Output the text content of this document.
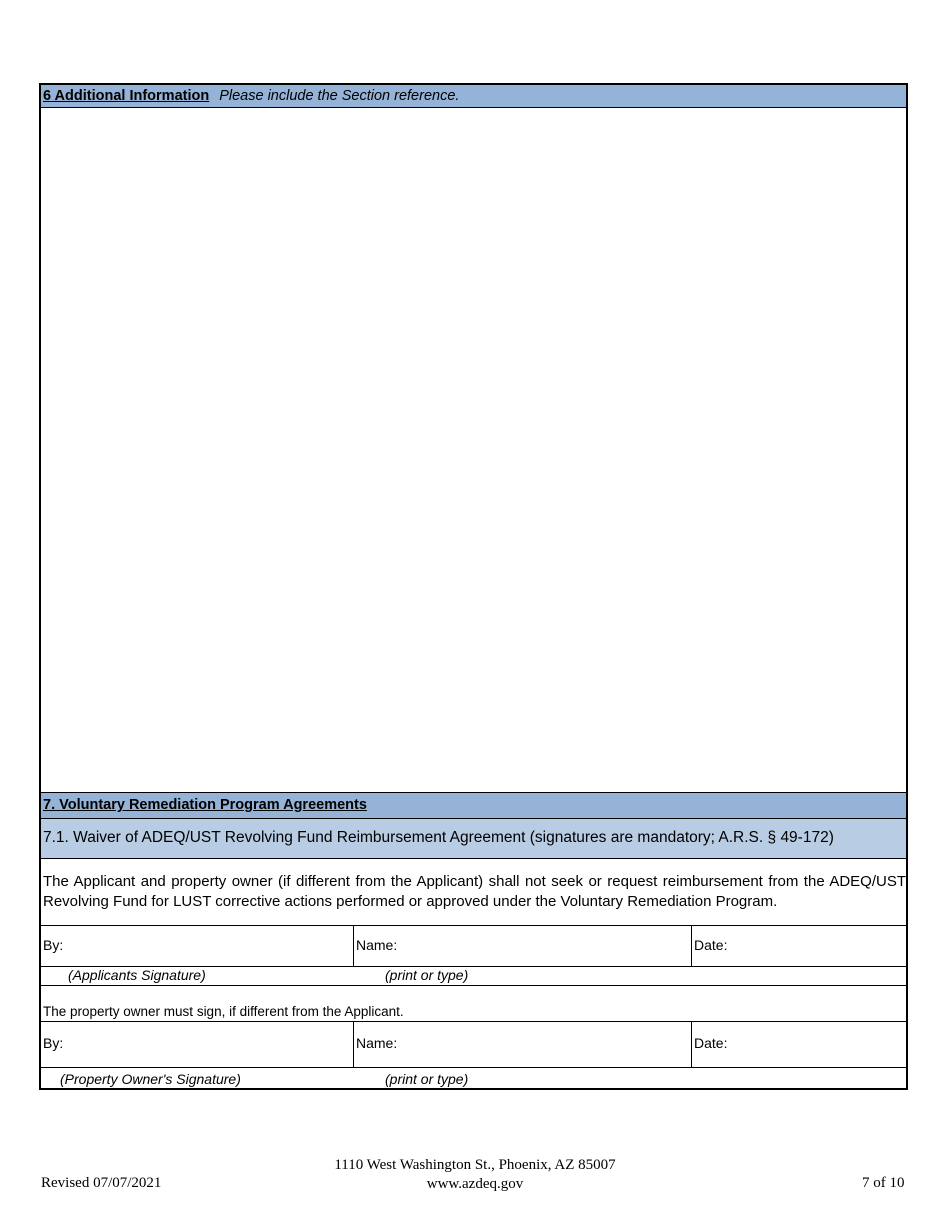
6 Additional Information Please include the Section reference.
7. Voluntary Remediation Program Agreements
7.1. Waiver of ADEQ/UST Revolving Fund Reimbursement Agreement (signatures are mandatory; A.R.S. § 49-172)
The Applicant and property owner (if different from the Applicant) shall not seek or request reimbursement from the ADEQ/UST Revolving Fund for LUST corrective actions performed or approved under the Voluntary Remediation Program.
By:	Name:	Date:
(Applicants Signature)	(print or type)
The property owner must sign, if different from the Applicant.
By:	Name:	Date:
(Property Owner's Signature)	(print or type)
Revised 07/07/2021
1110 West Washington St., Phoenix, AZ 85007
www.azdeq.gov	7 of 10
